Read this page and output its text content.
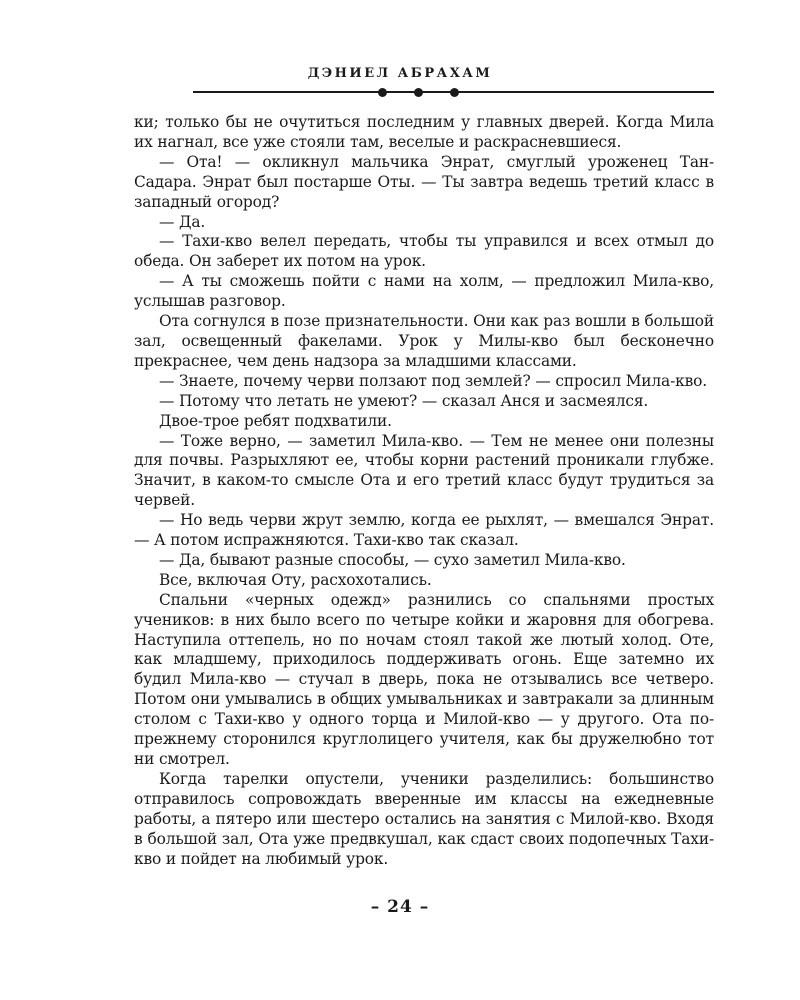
ДЭНИЕЛ АБРАХАМ

ки; только бы не очутиться последним у главных дверей. Когда Мила их нагнал, все уже стояли там, веселые и раскрасневшиеся.

— Ота! — окликнул мальчика Энрат, смуглый уроженец Тан-Садара. Энрат был постарше Оты. — Ты завтра ведешь третий класс в западный огород?

— Да.

— Тахи-кво велел передать, чтобы ты управился и всех отмыл до обеда. Он заберет их потом на урок.

— А ты сможешь пойти с нами на холм, — предложил Мила-кво, услышав разговор.

Ота согнулся в позе признательности. Они как раз вошли в большой зал, освещенный факелами. Урок у Милы-кво был бесконечно прекраснее, чем день надзора за младшими классами.

— Знаете, почему черви ползают под землей? — спросил Мила-кво.

— Потому что летать не умеют? — сказал Анся и засмеялся.

Двое-трое ребят подхватили.

— Тоже верно, — заметил Мила-кво. — Тем не менее они полезны для почвы. Разрыхляют ее, чтобы корни растений проникали глубже. Значит, в каком-то смысле Ота и его третий класс будут трудиться за червей.

— Но ведь черви жрут землю, когда ее рыхлят, — вмешался Энрат. — А потом испражняются. Тахи-кво так сказал.

— Да, бывают разные способы, — сухо заметил Мила-кво.

Все, включая Оту, расхохотались.

Спальни «черных одежд» разнились со спальнями простых учеников: в них было всего по четыре койки и жаровня для обогрева. Наступила оттепель, но по ночам стоял такой же лютый холод. Оте, как младшему, приходилось поддерживать огонь. Еще затемно их будил Мила-кво — стучал в дверь, пока не отзывались все четверо. Потом они умывались в общих умывальниках и завтракали за длинным столом с Тахи-кво у одного торца и Милой-кво — у другого. Ота по-прежнему сторонился круглолицего учителя, как бы дружелюбно тот ни смотрел.

Когда тарелки опустели, ученики разделились: большинство отправилось сопровождать вверенные им классы на ежедневные работы, а пятеро или шестеро остались на занятия с Милой-кво. Входя в большой зал, Ота уже предвкушал, как сдаст своих подопечных Тахи-кво и пойдет на любимый урок.

– 24 –
